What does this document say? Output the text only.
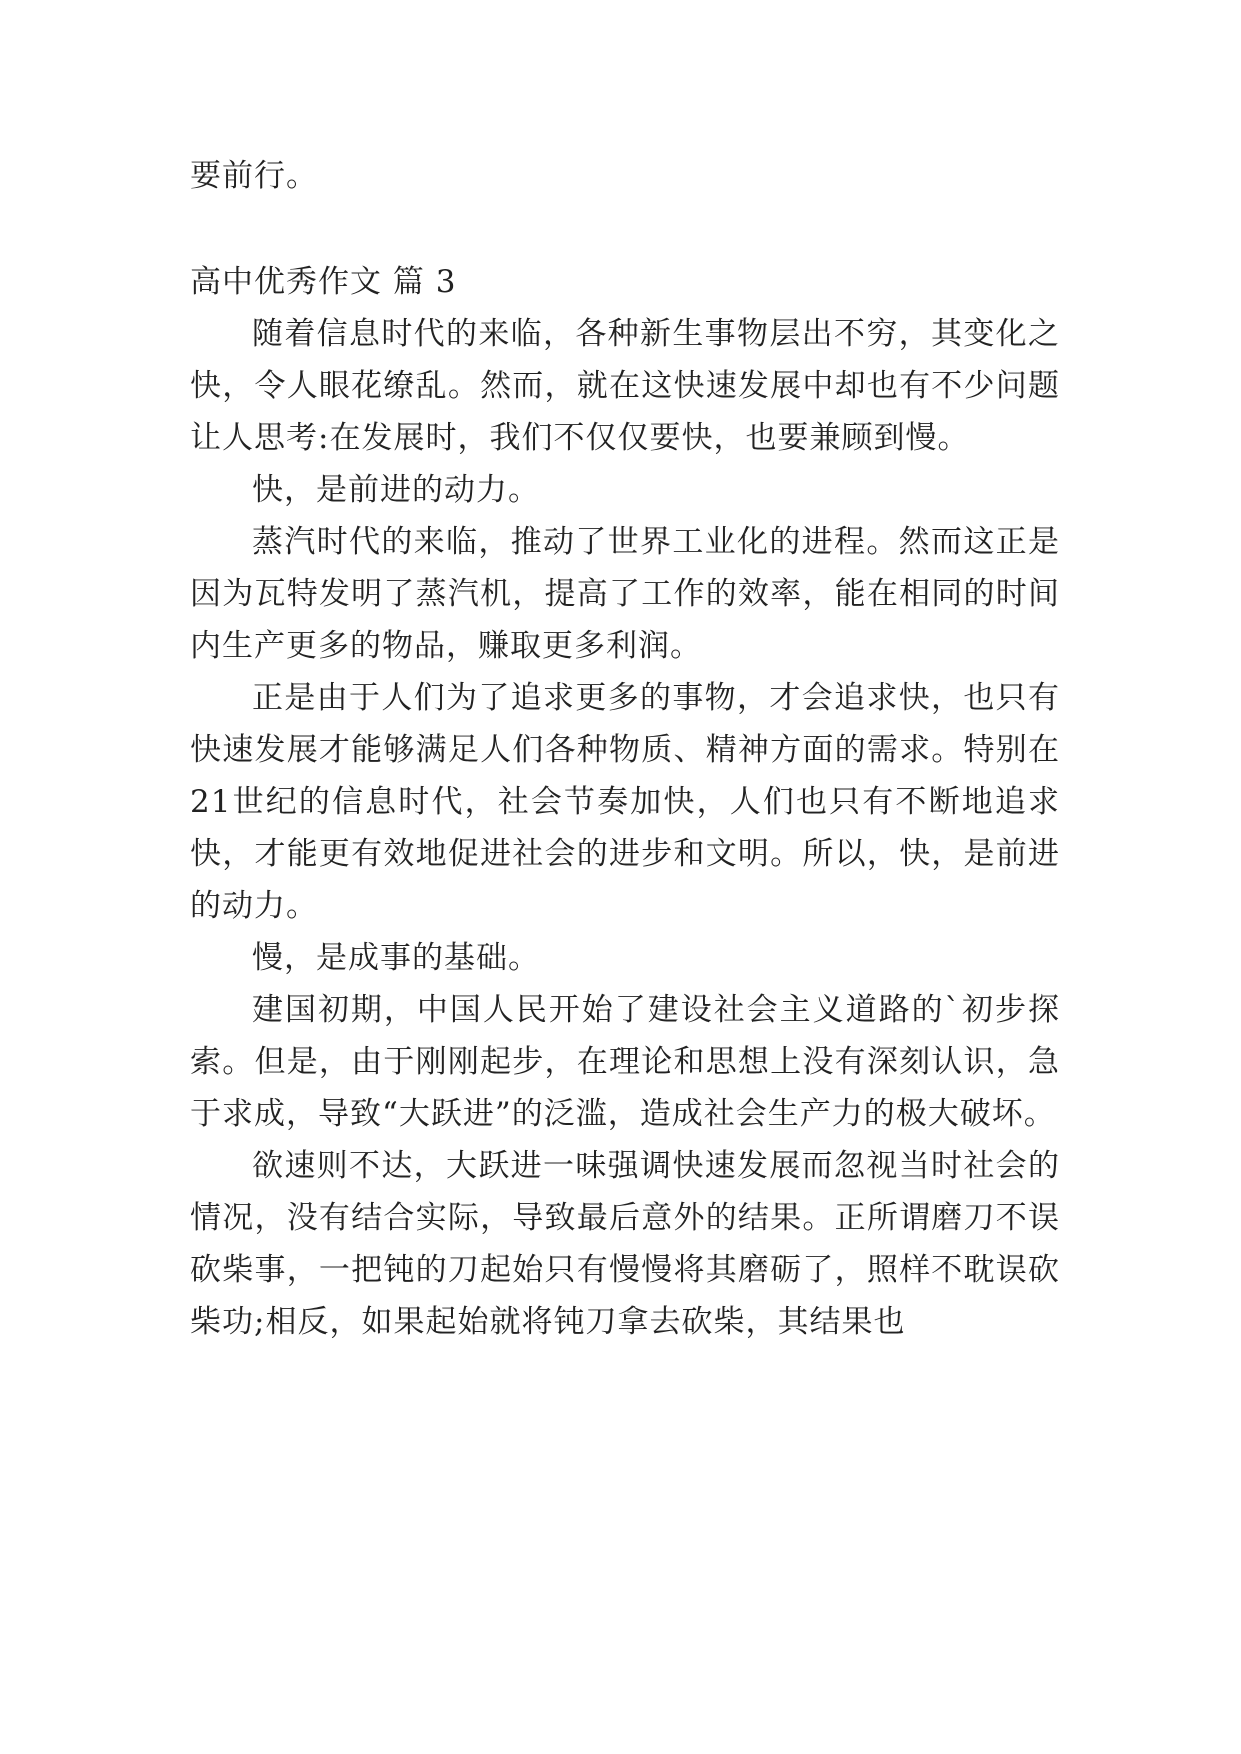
要前行。

高中优秀作文 篇 3

随着信息时代的来临，各种新生事物层出不穷，其变化之快，令人眼花缭乱。然而，就在这快速发展中却也有不少问题让人思考:在发展时，我们不仅仅要快，也要兼顾到慢。

快，是前进的动力。

蒸汽时代的来临，推动了世界工业化的进程。然而这正是因为瓦特发明了蒸汽机，提高了工作的效率，能在相同的时间内生产更多的物品，赚取更多利润。

正是由于人们为了追求更多的事物，才会追求快，也只有快速发展才能够满足人们各种物质、精神方面的需求。特别在21世纪的信息时代，社会节奏加快，人们也只有不断地追求快，才能更有效地促进社会的进步和文明。所以，快，是前进的动力。

慢，是成事的基础。

建国初期，中国人民开始了建设社会主义道路的`初步探索。但是，由于刚刚起步，在理论和思想上没有深刻认识，急于求成，导致“大跃进”的泛滥，造成社会生产力的极大破坏。

欲速则不达，大跃进一味强调快速发展而忽视当时社会的情况，没有结合实际，导致最后意外的结果。正所谓磨刀不误砍柴事，一把钝的刀起始只有慢慢将其磨砺了，照样不耽误砍柴功;相反，如果起始就将钝刀拿去砍柴，其结果也
